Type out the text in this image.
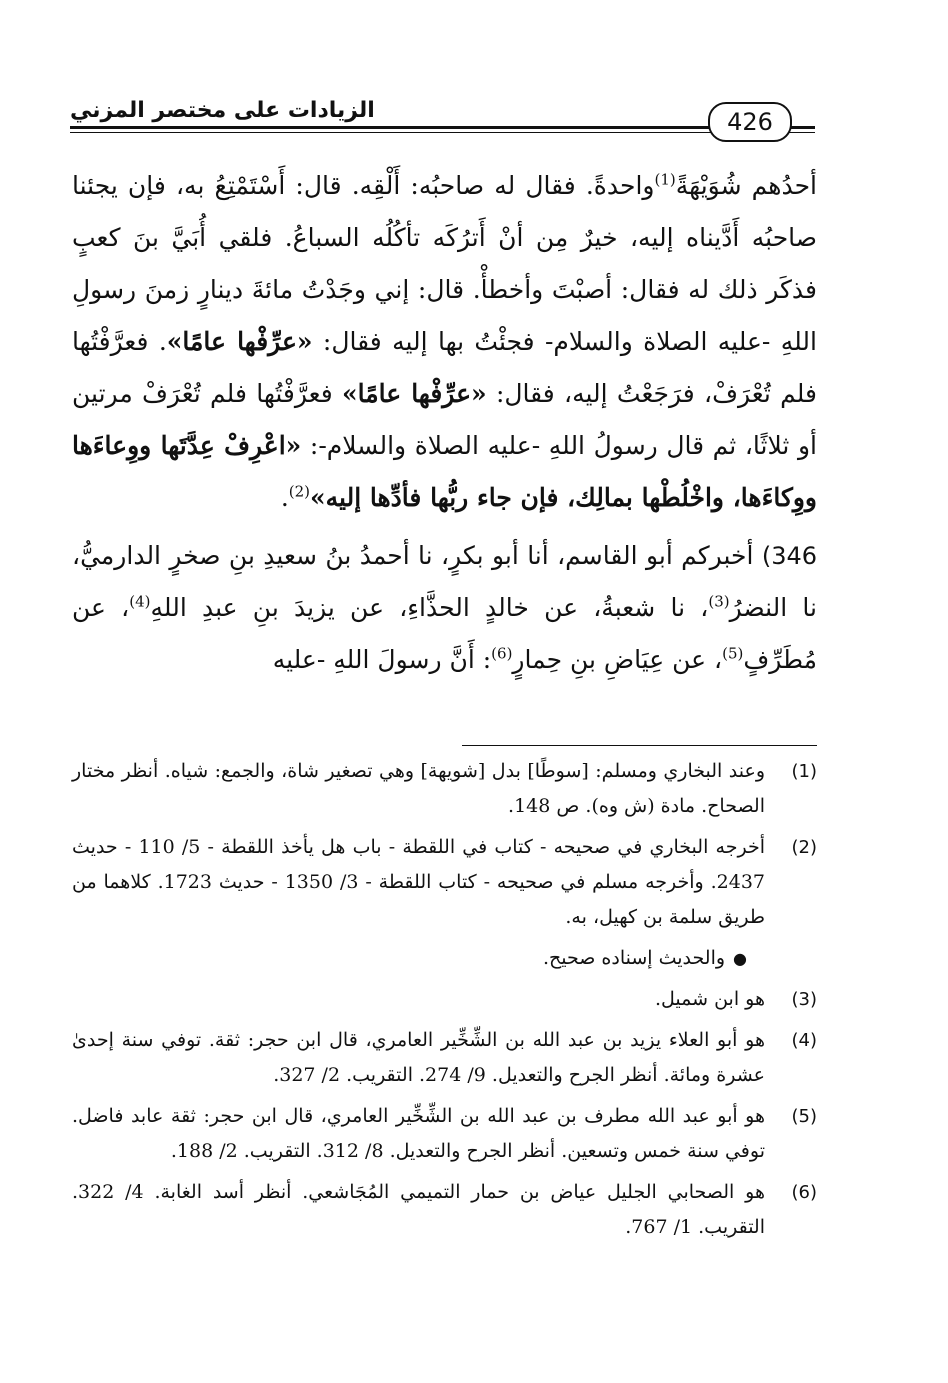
الزيادات على مختصر المزني	426

أحدُهم شُوَيْهَةً$^{(1)}$واحدةً. فقال له صاحبُه: أَلْقِه. قال: أَسْتَمْتِعُ به، فإن يجئنا صاحبُه أَدَّيناه إليه، خيرٌ مِن أنْ أَترُكَه تأكُلُه السباعُ. فلقي أُبَيَّ بنَ كعبٍ فذكَر ذلك له فقال: أصبْتَ وأخطأْ. قال: إني وجَدْتُ مائةَ دينارٍ زمنَ رسولِ اللهِ -عليه الصلاة والسلام- فجئْتُ بها إليه فقال: «عرِّفْها عامًا». فعرَّفْتُها فلم تُعْرَفْ، فرَجَعْتُ إليه، فقال: «عرِّفْها عامًا» فعرَّفْتُها فلم تُعْرَفْ مرتين أو ثلاثًا، ثم قال رسولُ اللهِ -عليه الصلاة والسلام-: «اعْرِفْ عِدَّتَها ووِعاءَها ووِكاءَها، واخْلُطْها بمالِك، فإن جاء ربُّها فأدِّها إليه»$^{(2)}$.

346) أخبركم أبو القاسم، أنا أبو بكرٍ، نا أحمدُ بنُ سعيدِ بنِ صخرٍ الدارميُّ، نا النضرُ$^{(3)}$، نا شعبةُ، عن خالدٍ الحذَّاءِ، عن يزيدَ بنِ عبدِ اللهِ$^{(4)}$، عن مُطَرِّفٍ$^{(5)}$، عن عِيَاضِ بنِ حِمارٍ$^{(6)}$: أَنَّ رسولَ اللهِ -عليه

(1)
وعند البخاري ومسلم: [سوطًا] بدل [شويهة] وهي تصغير شاة، والجمع: شياه. أنظر مختار الصحاح. مادة (ش وه). ص 148.
(2)
أخرجه البخاري في صحيحه - كتاب في اللقطة - باب هل يأخذ اللقطة - 5/ 110 - حديث 2437. وأخرجه مسلم في صحيحه - كتاب اللقطة - 3/ 1350 - حديث 1723. كلاهما من طريق سلمة بن كهيل، به.
●والحديث إسناده صحيح.
(3)
هو ابن شميل.
(4)
هو أبو العلاء يزيد بن عبد الله بن الشِّخِّير العامري، قال ابن حجر: ثقة. توفي سنة إحدىٰ عشرة ومائة. أنظر الجرح والتعديل. 9/ 274. التقريب. 2/ 327.
(5)
هو أبو عبد الله مطرف بن عبد الله بن الشِّخِّير العامري، قال ابن حجر: ثقة عابد فاضل. توفي سنة خمس وتسعين. أنظر الجرح والتعديل. 8/ 312. التقريب. 2/ 188.
(6)
هو الصحابي الجليل عياض بن حمار التميمي المُجَاشعي. أنظر أسد الغابة. 4/ 322. التقريب. 1/ 767.
